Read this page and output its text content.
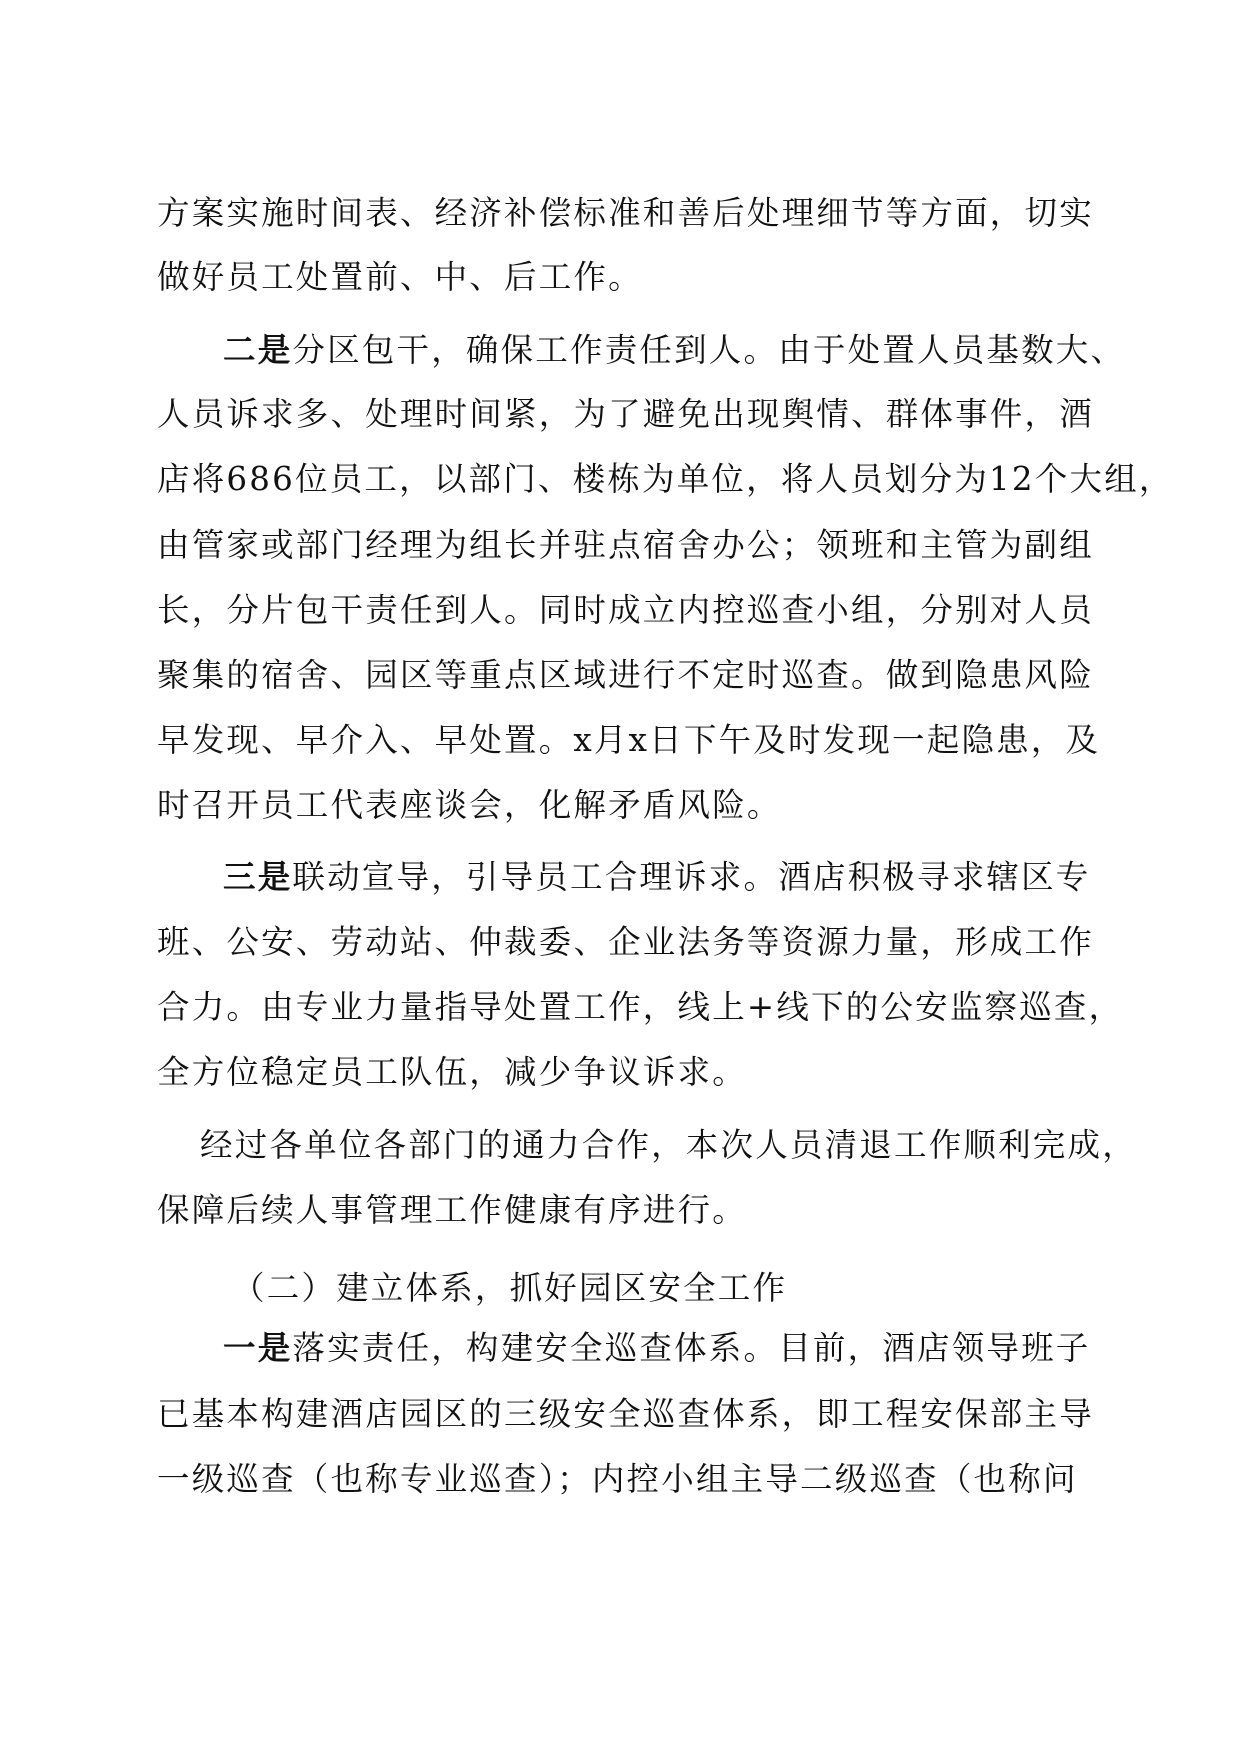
方案实施时间表、经济补偿标准和善后处理细节等方面，切实
做好员工处置前、中、后工作。
二是分区包干，确保工作责任到人。由于处置人员基数大、
人员诉求多、处理时间紧，为了避免出现舆情、群体事件，酒
店将686位员工，以部门、楼栋为单位，将人员划分为12个大组，
由管家或部门经理为组长并驻点宿舍办公；领班和主管为副组
长，分片包干责任到人。同时成立内控巡查小组，分别对人员
聚集的宿舍、园区等重点区域进行不定时巡查。做到隐患风险
早发现、早介入、早处置。x月x日下午及时发现一起隐患，及
时召开员工代表座谈会，化解矛盾风险。
三是联动宣导，引导员工合理诉求。酒店积极寻求辖区专
班、公安、劳动站、仲裁委、企业法务等资源力量，形成工作
合力。由专业力量指导处置工作，线上+线下的公安监察巡查，
全方位稳定员工队伍，减少争议诉求。
经过各单位各部门的通力合作，本次人员清退工作顺利完成，
保障后续人事管理工作健康有序进行。
（二）建立体系，抓好园区安全工作
一是落实责任，构建安全巡查体系。目前，酒店领导班子
已基本构建酒店园区的三级安全巡查体系，即工程安保部主导
一级巡查（也称专业巡查）；内控小组主导二级巡查（也称问
